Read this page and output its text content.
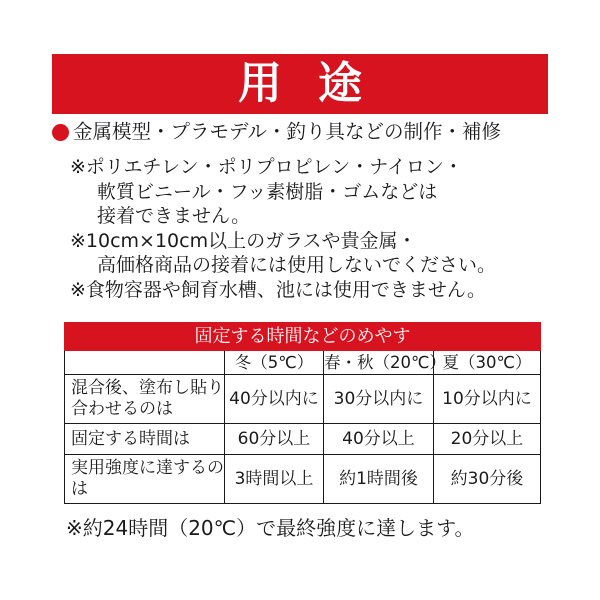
用途
金属模型・プラモデル・釣り具などの制作・補修
※ポリエチレン・ポリプロピレン・ナイロン・
軟質ビニール・フッ素樹脂・ゴムなどは
接着できません。
※10cm×10cm以上のガラスや貴金属・
高価格商品の接着には使用しないでください。
※食物容器や飼育水槽、池には使用できません。
固定する時間などのめやす			
	冬（5℃）	春・秋（20℃）	夏（30℃）
混合後、塗布し貼り合わせるのは	40分以内に	30分以内に	10分以内に
固定する時間は	60分以上	40分以上	20分以上
実用強度に達するのは	3時間以上	約1時間後	約30分後
※約24時間（20℃）で最終強度に達します。
